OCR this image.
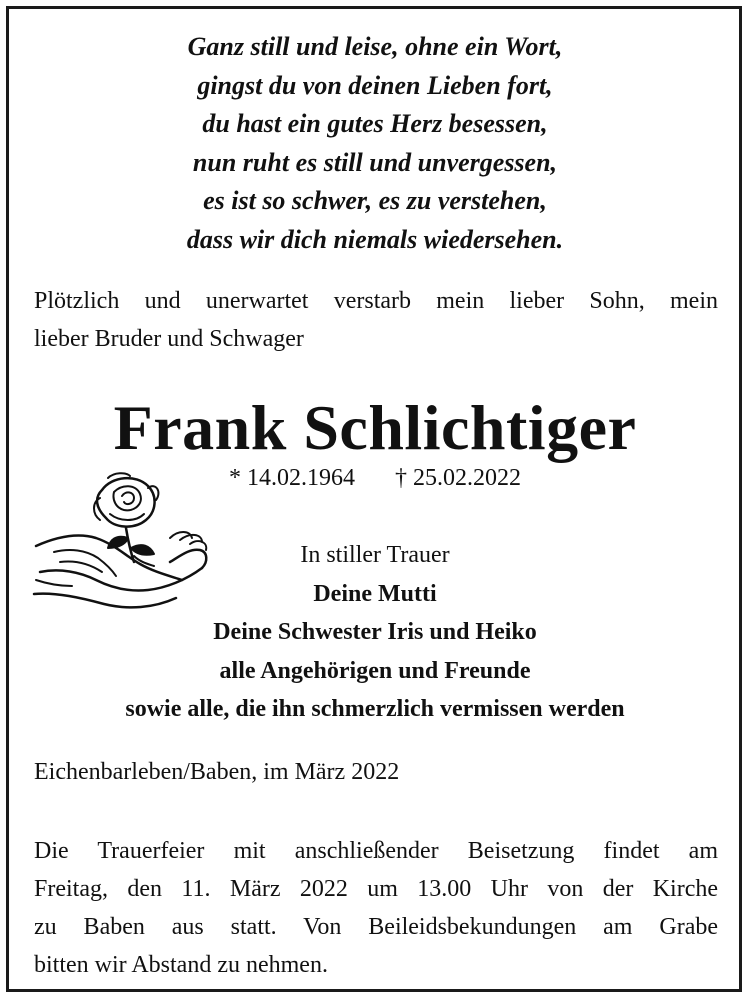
Ganz still und leise, ohne ein Wort,
gingst du von deinen Lieben fort,
du hast ein gutes Herz besessen,
nun ruht es still und unvergessen,
es ist so schwer, es zu verstehen,
dass wir dich niemals wiedersehen.
Plötzlich und unerwartet verstarb mein lieber Sohn, mein
lieber Bruder und Schwager
Frank Schlichtiger
* 14.02.1964 † 25.02.2022
In stiller Trauer
Deine Mutti
Deine Schwester Iris und Heiko
alle Angehörigen und Freunde
sowie alle, die ihn schmerzlich vermissen werden
Eichenbarleben/Baben, im März 2022
Die Trauerfeier mit anschließender Beisetzung findet am
Freitag, den 11. März 2022 um 13.00 Uhr von der Kirche
zu Baben aus statt. Von Beileidsbekundungen am Grabe
bitten wir Abstand zu nehmen.
